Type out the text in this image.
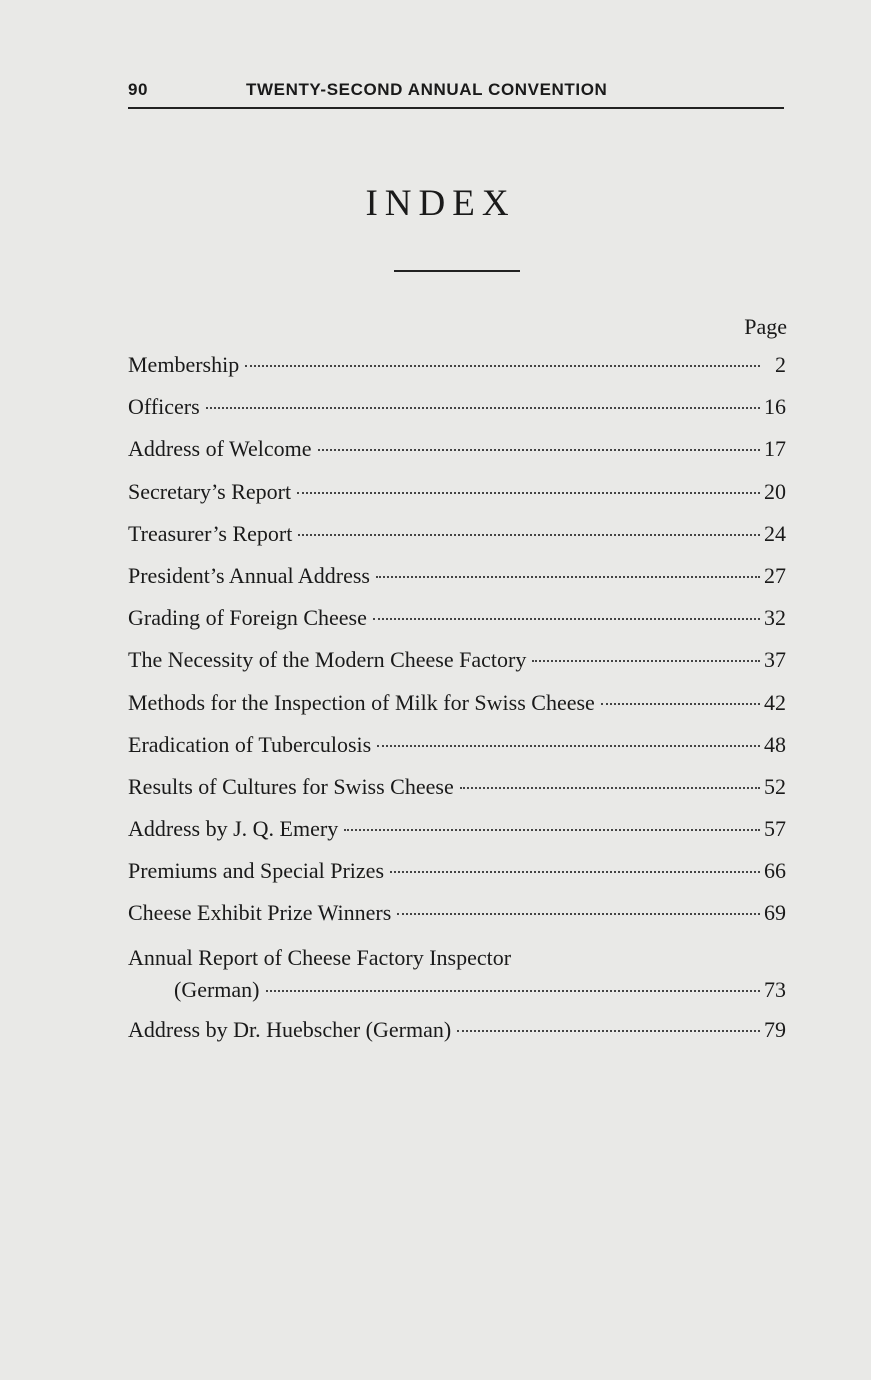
90	TWENTY-SECOND ANNUAL CONVENTION
INDEX
Page
Membership	2
Officers	16
Address of Welcome	17
Secretary’s Report	20
Treasurer’s Report	24
President’s Annual Address	27
Grading of Foreign Cheese	32
The Necessity of the Modern Cheese Factory	37
Methods for the Inspection of Milk for Swiss Cheese	42
Eradication of Tuberculosis	48
Results of Cultures for Swiss Cheese	52
Address by J. Q. Emery	57
Premiums and Special Prizes	66
Cheese Exhibit Prize Winners	69
Annual Report of Cheese Factory Inspector
(German)	73
Address by Dr. Huebscher (German)	79
